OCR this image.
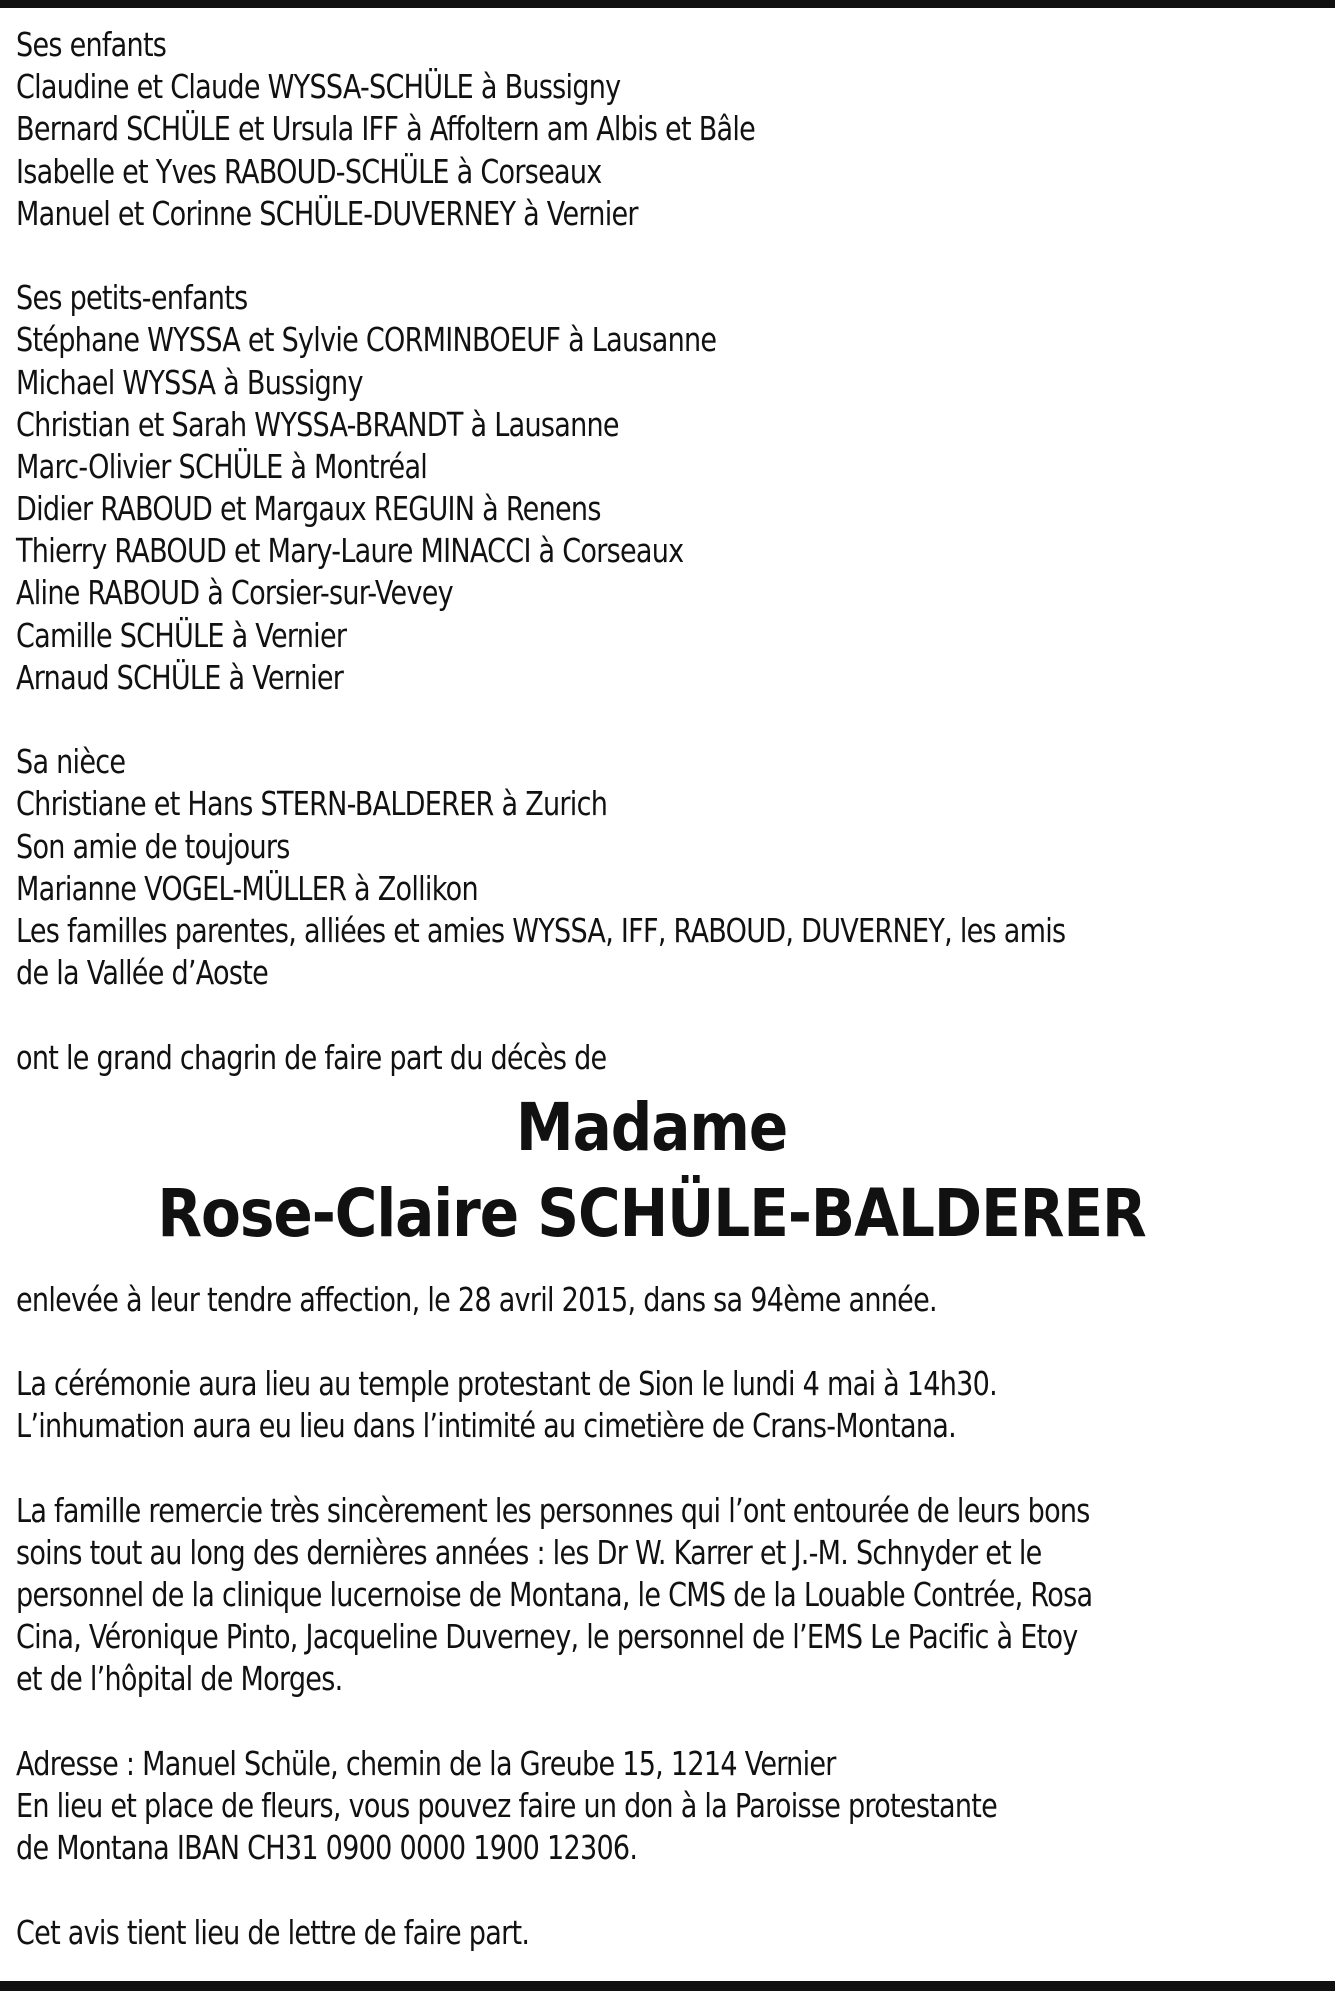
Ses enfants
Claudine et Claude WYSSA-SCHÜLE à Bussigny
Bernard SCHÜLE et Ursula IFF à Affoltern am Albis et Bâle
Isabelle et Yves RABOUD-SCHÜLE à Corseaux
Manuel et Corinne SCHÜLE-DUVERNEY à Vernier
Ses petits-enfants
Stéphane WYSSA et Sylvie CORMINBOEUF à Lausanne
Michael WYSSA à Bussigny
Christian et Sarah WYSSA-BRANDT à Lausanne
Marc-Olivier SCHÜLE à Montréal
Didier RABOUD et Margaux REGUIN à Renens
Thierry RABOUD et Mary-Laure MINACCI à Corseaux
Aline RABOUD à Corsier-sur-Vevey
Camille SCHÜLE à Vernier
Arnaud SCHÜLE à Vernier
Sa nièce
Christiane et Hans STERN-BALDERER à Zurich
Son amie de toujours
Marianne VOGEL-MÜLLER à Zollikon
Les familles parentes, alliées et amies WYSSA, IFF, RABOUD, DUVERNEY, les amis
de la Vallée d’Aoste
ont le grand chagrin de faire part du décès de
Madame
Rose-Claire SCHÜLE-BALDERER
enlevée à leur tendre affection, le 28 avril 2015, dans sa 94ème année.
La cérémonie aura lieu au temple protestant de Sion le lundi 4 mai à 14h30.
L’inhumation aura eu lieu dans l’intimité au cimetière de Crans-Montana.
La famille remercie très sincèrement les personnes qui l’ont entourée de leurs bons
soins tout au long des dernières années : les Dr W. Karrer et J.-M. Schnyder et le
personnel de la clinique lucernoise de Montana, le CMS de la Louable Contrée, Rosa
Cina, Véronique Pinto, Jacqueline Duverney, le personnel de l’EMS Le Pacific à Etoy
et de l’hôpital de Morges.
Adresse : Manuel Schüle, chemin de la Greube 15, 1214 Vernier
En lieu et place de fleurs, vous pouvez faire un don à la Paroisse protestante
de Montana IBAN CH31 0900 0000 1900 12306.
Cet avis tient lieu de lettre de faire part.
